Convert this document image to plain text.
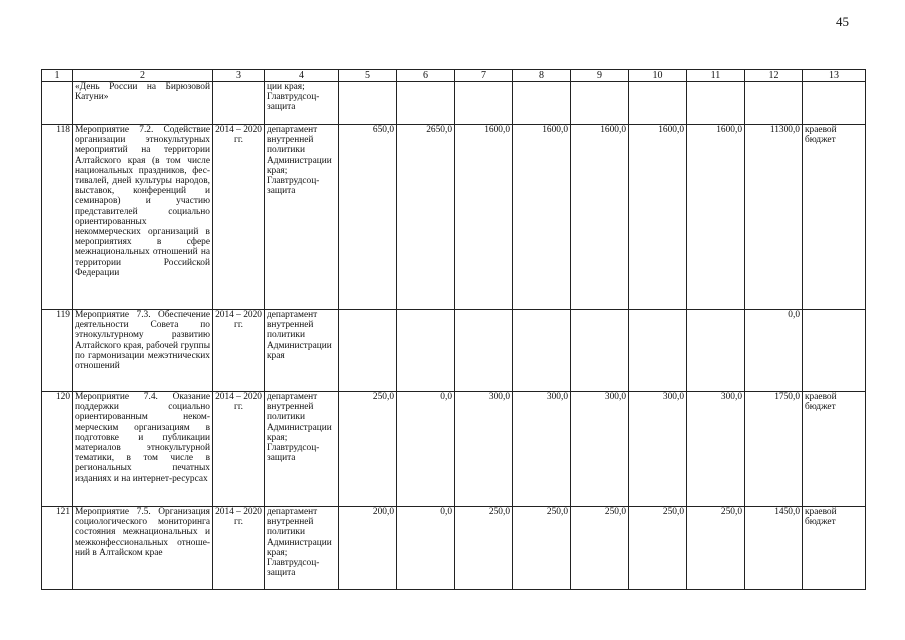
45
1	2	3	4	5	6	7	8	9	10	11	12	13
	«День России на Бирюзовой Катуни»		ции края; Главтрудсоцзащита									
118	Мероприятие 7.2. Содействие организации этнокультурных мероприятий на территории Алтайского края (в том числе национальных праздников, фестивалей, дней культуры народов, выставок, конференций и семинаров) и участию представителей социально ориентированных некоммерческих организаций в мероприятиях в сфере межнациональных отношений на территории Российской Федерации	2014 – 2020 гг.	департамент внутренней политики Администрации края; Главтрудсоцзащита	650,0	2650,0	1600,0	1600,0	1600,0	1600,0	1600,0	11300,0	краевой бюджет
119	Мероприятие 7.3. Обеспечение деятельности Совета по этнокультурному развитию Алтайского края, рабочей группы по гармонизации межэтнических отношений	2014 – 2020 гг.	департамент внутренней политики Администрации края								0,0	
120	Мероприятие 7.4. Оказание поддержки социально ориентированным некоммерческим организациям в подготовке и публикации материалов этнокультурной тематики, в том числе в региональных печатных изданиях и на интернет-ресурсах	2014 – 2020 гг.	департамент внутренней политики Администрации края; Главтрудсоцзащита	250,0	0,0	300,0	300,0	300,0	300,0	300,0	1750,0	краевой бюджет
121	Мероприятие 7.5. Организация социологического мониторинга состояния межнациональных и межконфессиональных отношений в Алтайском крае	2014 – 2020 гг.	департамент внутренней политики Администрации края; Главтрудсоцзащита	200,0	0,0	250,0	250,0	250,0	250,0	250,0	1450,0	краевой бюджет
